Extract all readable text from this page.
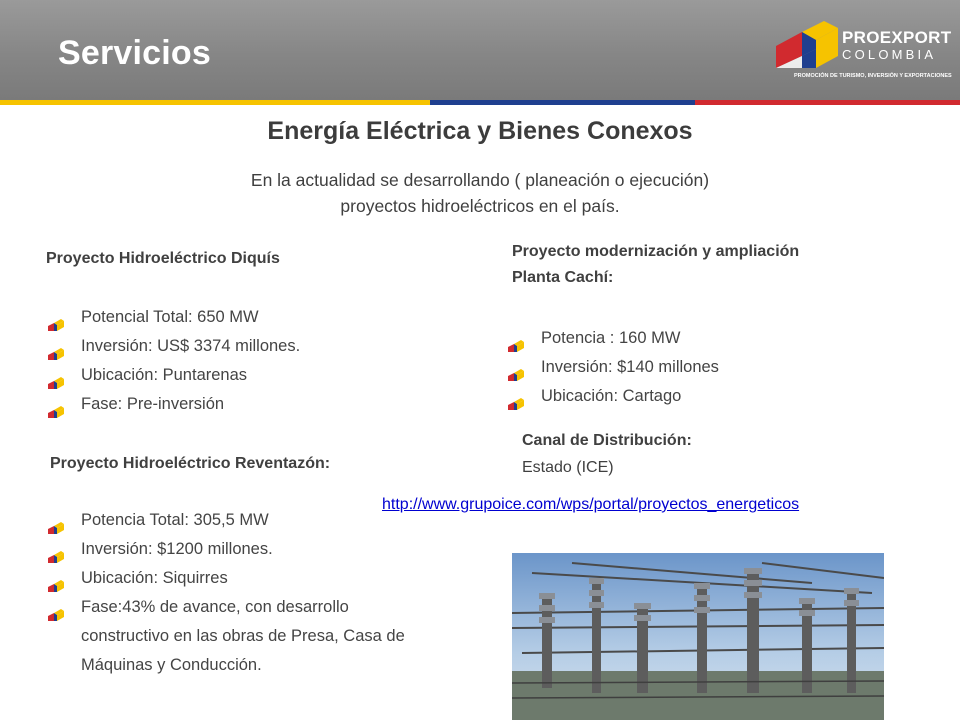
Servicios	PROEXPORT
COLOMBIA
PROMOCIÓN DE TURISMO, INVERSIÓN Y EXPORTACIONES
Energía Eléctrica y Bienes Conexos
En la actualidad se desarrollando ( planeación o ejecución)
proyectos hidroeléctricos en el país.
Proyecto Hidroeléctrico Diquís
Potencial Total: 650 MW
Inversión: US$ 3374 millones.
Ubicación: Puntarenas
Fase: Pre-inversión
Proyecto Hidroeléctrico Reventazón:
Potencia Total: 305,5 MW
Inversión: $1200 millones.
Ubicación: Siquirres
Fase:43% de avance, con desarrollo constructivo en las obras de Presa, Casa de Máquinas y Conducción.
Proyecto modernización y ampliación
Planta Cachí:
Potencia : 160 MW
Inversión: $140 millones
Ubicación: Cartago
Canal de Distribución:
Estado (ICE)
http://www.grupoice.com/wps/portal/proyectos_energeticos
